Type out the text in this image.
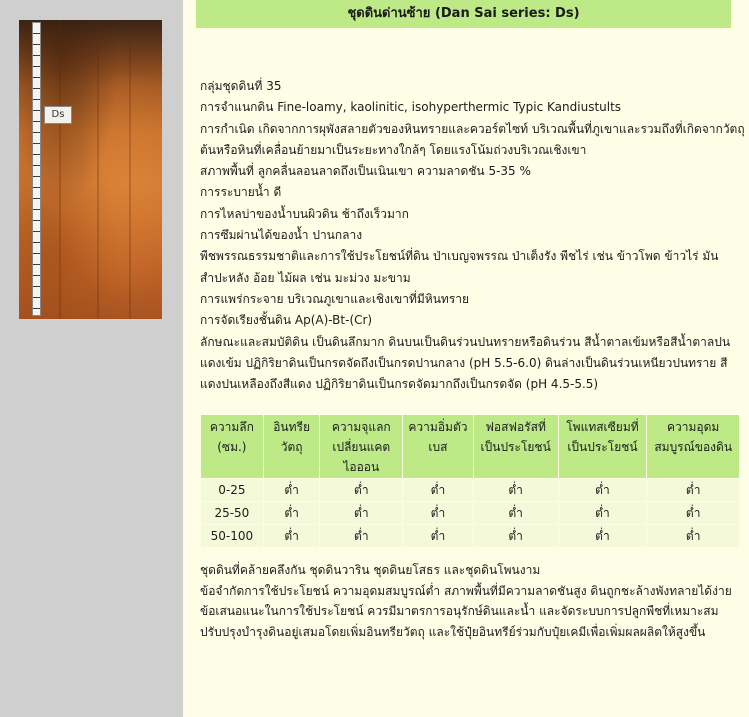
Ds
ชุดดินด่านซ้าย (Dan Sai series: Ds)

กลุ่มชุดดินที่ 35

การจำแนกดิน Fine-loamy, kaolinitic, isohyperthermic Typic Kandiustults

การกำเนิด เกิดจากการผุพังสลายตัวของหินทรายและควอร์ตไซท์ บริเวณพื้นที่ภูเขาและรวมถึงที่เกิดจากวัตถุต้นหรือหินที่เคลื่อนย้ายมาเป็นระยะทางใกล้ๆ โดยแรงโน้มถ่วงบริเวณเชิงเขา

สภาพพื้นที่ ลูกคลื่นลอนลาดถึงเป็นเนินเขา ความลาดชัน 5-35 %

การระบายน้ำ ดี

การไหลบ่าของน้ำบนผิวดิน ช้าถึงเร็วมาก

การซึมผ่านได้ของน้ำ ปานกลาง

พืชพรรณธรรมชาติและการใช้ประโยชน์ที่ดิน ป่าเบญจพรรณ ป่าเต็งรัง พืชไร่ เช่น ข้าวโพด ข้าวไร่ มันสำปะหลัง อ้อย ไม้ผล เช่น มะม่วง มะขาม

การแพร่กระจาย บริเวณภูเขาและเชิงเขาที่มีหินทราย

การจัดเรียงชั้นดิน Ap(A)-Bt-(Cr)

ลักษณะและสมบัติดิน เป็นดินลึกมาก ดินบนเป็นดินร่วนปนทรายหรือดินร่วน สีน้ำตาลเข้มหรือสีน้ำตาลปนแดงเข้ม ปฏิกิริยาดินเป็นกรดจัดถึงเป็นกรดปานกลาง (pH 5.5-6.0) ดินล่างเป็นดินร่วนเหนียวปนทราย สีแดงปนเหลืองถึงสีแดง ปฏิกิริยาดินเป็นกรดจัดมากถึงเป็นกรดจัด (pH 4.5-5.5)

ความลึก (ซม.)	อินทรียวัตถุ	ความจุแลกเปลี่ยนแคตไอออน	ความอิ่มตัวเบส	ฟอสฟอรัสที่เป็นประโยชน์	โพแทสเซียมที่เป็นประโยชน์	ความอุดมสมบูรณ์ของดิน
0-25	ต่ำ	ต่ำ	ต่ำ	ต่ำ	ต่ำ	ต่ำ
25-50	ต่ำ	ต่ำ	ต่ำ	ต่ำ	ต่ำ	ต่ำ
50-100	ต่ำ	ต่ำ	ต่ำ	ต่ำ	ต่ำ	ต่ำ

ชุดดินที่คล้ายคลึงกัน ชุดดินวาริน ชุดดินยโสธร และชุดดินโพนงาม

ข้อจำกัดการใช้ประโยชน์ ความอุดมสมบูรณ์ต่ำ สภาพพื้นที่มีความลาดชันสูง ดินถูกชะล้างพังทลายได้ง่าย

ข้อเสนอแนะในการใช้ประโยชน์ ควรมีมาตรการอนุรักษ์ดินและน้ำ และจัดระบบการปลูกพืชที่เหมาะสม ปรับปรุงบำรุงดินอยู่เสมอโดยเพิ่มอินทรียวัตถุ และใช้ปุ๋ยอินทรีย์ร่วมกับปุ๋ยเคมีเพื่อเพิ่มผลผลิตให้สูงขึ้น
